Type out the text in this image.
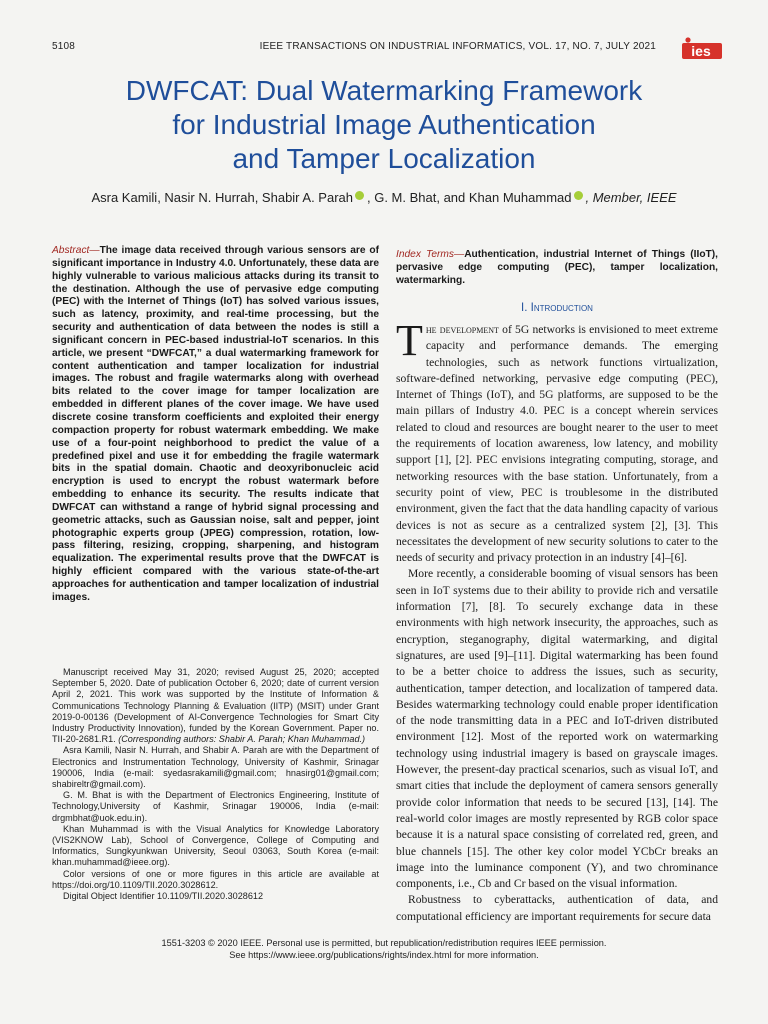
5108	IEEE TRANSACTIONS ON INDUSTRIAL INFORMATICS, VOL. 17, NO. 7, JULY 2021	ies
DWFCAT: Dual Watermarking Framework
for Industrial Image Authentication
and Tamper Localization
Asra Kamili, Nasir N. Hurrah, Shabir A. Parah , G. M. Bhat, and Khan Muhammad , Member, IEEE
Abstract—The image data received through various sensors are of significant importance in Industry 4.0. Unfortunately, these data are highly vulnerable to various malicious attacks during its transit to the destination. Although the use of pervasive edge computing (PEC) with the Internet of Things (IoT) has solved various issues, such as latency, proximity, and real-time processing, but the security and authentication of data between the nodes is still a significant concern in PEC-based industrial-IoT scenarios. In this article, we present “DWFCAT,” a dual watermarking framework for content authentication and tamper localization for industrial images. The robust and fragile watermarks along with overhead bits related to the cover image for tamper localization are embedded in different planes of the cover image. We have used discrete cosine transform coefficients and exploited their energy compaction property for robust watermark embedding. We make use of a four-point neighborhood to predict the value of a predefined pixel and use it for embedding the fragile watermark bits in the spatial domain. Chaotic and deoxyribonucleic acid encryption is used to encrypt the robust watermark before embedding to enhance its security. The results indicate that DWFCAT can withstand a range of hybrid signal processing and geometric attacks, such as Gaussian noise, salt and pepper, joint photographic experts group (JPEG) compression, rotation, low-pass filtering, resizing, cropping, sharpening, and histogram equalization. The experimental results prove that the DWFCAT is highly efficient compared with the various state-of-the-art approaches for authentication and tamper localization of industrial images.
Index Terms—Authentication, industrial Internet of Things (IIoT), pervasive edge computing (PEC), tamper localization, watermarking.
I. Introduction

The development of 5G networks is envisioned to meet extreme capacity and performance demands. The emerging technologies, such as network functions virtualization, software-defined networking, pervasive edge computing (PEC), Internet of Things (IoT), and 5G platforms, are supposed to be the main pillars of Industry 4.0. PEC is a concept wherein services related to cloud and resources are bought nearer to the user to meet the requirements of location awareness, low latency, and mobility support [1], [2]. PEC envisions integrating computing, storage, and networking resources with the base station. Unfortunately, from a security point of view, PEC is troublesome in the distributed environment, given the fact that the data handling capacity of various devices is not as secure as a centralized system [2], [3]. This necessitates the development of new security solutions to cater to the needs of security and privacy protection in an industry [4]–[6].

More recently, a considerable booming of visual sensors has been seen in IoT systems due to their ability to provide rich and versatile information [7], [8]. To securely exchange data in these environments with high network insecurity, the approaches, such as encryption, steganography, digital watermarking, and digital signatures, are used [9]–[11]. Digital watermarking has been found to be a better choice to address the issues, such as security, authentication, tamper detection, and localization of tampered data. Besides watermarking technology could enable proper identification of the node transmitting data in a PEC and IoT-driven distributed environment [12]. Most of the reported work on watermarking technology using industrial imagery is based on grayscale images. However, the present-day practical scenarios, such as visual IoT, and smart cities that include the deployment of camera sensors generally provide color information that needs to be secured [13], [14]. The real-world color images are mostly represented by RGB color space because it is a natural space consisting of correlated red, green, and blue channels [15]. The other key color model YCbCr breaks an image into the luminance component (Y), and two chrominance components, i.e., Cb and Cr based on the visual information.

Robustness to cyberattacks, authentication of data, and computational efficiency are important requirements for secure data

Manuscript received May 31, 2020; revised August 25, 2020; accepted September 5, 2020. Date of publication October 6, 2020; date of current version April 2, 2021. This work was supported by the Institute of Information & Communications Technology Planning & Evaluation (IITP) (MSIT) under Grant 2019-0-00136 (Development of AI-Convergence Technologies for Smart City Industry Productivity Innovation), funded by the Korean Government. Paper no. TII-20-2681.R1. (Corresponding authors: Shabir A. Parah; Khan Muhammad.)

Asra Kamili, Nasir N. Hurrah, and Shabir A. Parah are with the Department of Electronics and Instrumentation Technology, University of Kashmir, Srinagar 190006, India (e-mail: syedasrakamili@gmail.com; hnasirg01@gmail.com; shabireltr@gmail.com).

G. M. Bhat is with the Department of Electronics Engineering, Institute of Technology,University of Kashmir, Srinagar 190006, India (e-mail: drgmbhat@uok.edu.in).

Khan Muhammad is with the Visual Analytics for Knowledge Laboratory (VIS2KNOW Lab), School of Convergence, College of Computing and Informatics, Sungkyunkwan University, Seoul 03063, South Korea (e-mail: khan.muhammad@ieee.org).

Color versions of one or more figures in this article are available at https://doi.org/10.1109/TII.2020.3028612.

Digital Object Identifier 10.1109/TII.2020.3028612

1551-3203 © 2020 IEEE. Personal use is permitted, but republication/redistribution requires IEEE permission.
See https://www.ieee.org/publications/rights/index.html for more information.
